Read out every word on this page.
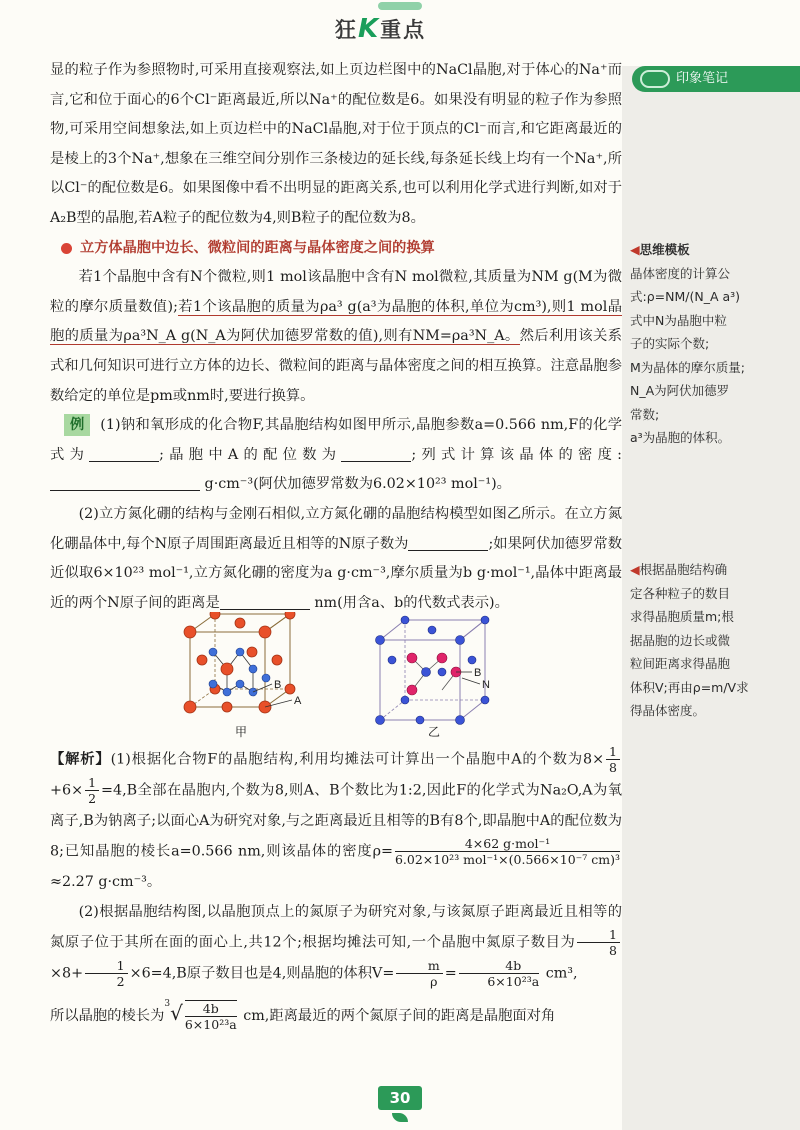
狂K重点
印象笔记
◀思维模板
晶体密度的计算公
式:ρ=NM/(N_A a³)
式中N为晶胞中粒
子的实际个数;
M为晶体的摩尔质量;
N_A为阿伏加德罗
常数;
a³为晶胞的体积。
◀根据晶胞结构确
定各种粒子的数目
求得晶胞质量m;根
据晶胞的边长或微
粒间距离求得晶胞
体积V;再由ρ=m/V求
得晶体密度。

显的粒子作为参照物时,可采用直接观察法,如上页边栏图中的NaCl晶胞,对于体心的Na⁺而言,它和位于面心的6个Cl⁻距离最近,所以Na⁺的配位数是6。如果没有明显的粒子作为参照物,可采用空间想象法,如上页边栏中的NaCl晶胞,对于位于顶点的Cl⁻而言,和它距离最近的是棱上的3个Na⁺,想象在三维空间分别作三条棱边的延长线,每条延长线上均有一个Na⁺,所以Cl⁻的配位数是6。如果图像中看不出明显的距离关系,也可以利用化学式进行判断,如对于A₂B型的晶胞,若A粒子的配位数为4,则B粒子的配位数为8。

立方体晶胞中边长、微粒间的距离与晶体密度之间的换算

若1个晶胞中含有N个微粒,则1 mol该晶胞中含有N mol微粒,其质量为NM g(M为微粒的摩尔质量数值);若1个该晶胞的质量为ρa³ g(a³为晶胞的体积,单位为cm³),则1 mol晶胞的质量为ρa³N_A g(N_A为阿伏加德罗常数的值),则有NM=ρa³N_A。然后利用该关系式和几何知识可进行立方体的边长、微粒间的距离与晶体密度之间的相互换算。注意晶胞参数给定的单位是pm或nm时,要进行换算。

例 (1)钠和氧形成的化合物F,其晶胞结构如图甲所示,晶胞参数a=0.566 nm,F的化学式为	;晶胞中A的配位数为	;列式计算该晶体的密度: g·cm⁻³(阿伏加德罗常数为6.02×10²³ mol⁻¹)。

(2)立方氮化硼的结构与金刚石相似,立方氮化硼的晶胞结构模型如图乙所示。在立方氮化硼晶体中,每个N原子周围距离最近且相等的N原子数为	;如果阿伏加德罗常数近似取6×10²³ mol⁻¹,立方氮化硼的密度为a g·cm⁻³,摩尔质量为b g·mol⁻¹,晶体中距离最近的两个N原子间的距离是	nm(用含a、b的代数式表示)。

B
A
甲
B
N
乙

【解析】(1)根据化合物F的晶胞结构,利用均摊法可计算出一个晶胞中A的个数为$8\times \frac{1}{8}$
$+6\times \frac{1}{2} =4,B$全部在晶胞内,个数为8,则A、B个数比为1:2,因此F的化学式为Na₂O,A为氧离子,B为钠离子;以面心A为研究对象,与之距离最近且相等的B有8个,即晶胞中A的配位数为8;已知晶胞的棱长a=0.566 nm,则该晶体的密度$\rho= \frac{\text{4×62 g·mol⁻¹}}{\text{6.02×10²³ mol⁻¹×(0.566×10⁻⁷ cm)³}}$
≈2.27 g·cm⁻³。

(2)根据晶胞结构图,以晶胞顶点上的氮原子为研究对象,与该氮原子距离最近且相等的氮原子位于其所在面的面心上,共12个;根据均摊法可知,一个晶胞中氮原子数目为 $\frac{1}{8}$
$\times 8+ \frac{1}{2} \times 6=4,B$原子数目也是4,则晶胞的体积$V= \frac{m}{\rho} = \frac{4b}{\text{6×10²³a}} cm^3$,

所以晶胞的棱长为$^3√ \frac{4b}{\text{6×10²³a}}$ cm,距离最近的两个氮原子间的距离是晶胞面对角

30
